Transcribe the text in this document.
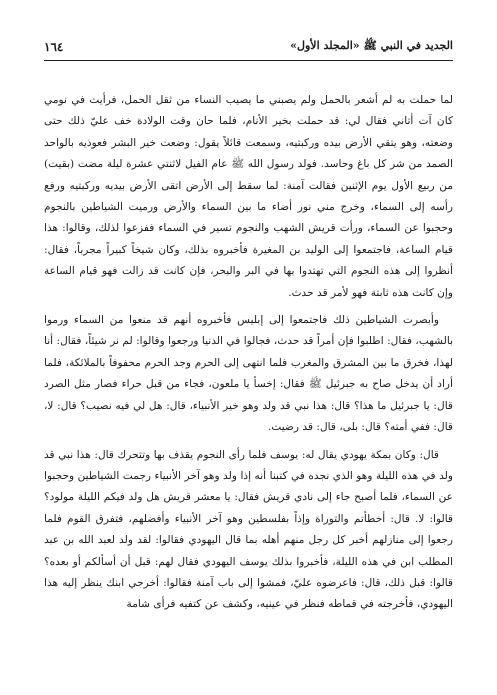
الجديد في النبي ﷺ «المجلد الأول»
١٦٤

لما حملت به لم أشعر بالحمل ولم يصبني ما يصيب النساء من ثقل الحمل، فرأيت في نومي كان آت أتاني فقال لي: قد حملت بخير الأنام، فلما حان وقت الولادة خف عليّ ذلك حتى وضعته، وهو يتقي الأرض بيده وركبتيه، وسمعت قائلاً يقول: وضعت خير البشر فعوذيه بالواحد الصمد من شر كل باغ وحاسد. فولد رسول الله ﷺ عام الفيل لاثنتي عشرة ليلة مضت (بقيت) من ربيع الأول يوم الإثنين فقالت آمنة: لما سقط إلى الأرض اتقى الأرض بيديه وركبتيه ورفع رأسه إلى السماء، وخرج مني نور أضاء ما بين السماء والأرض ورميت الشياطين بالنجوم وحجبوا عن السماء، ورأت قريش الشهب والنجوم تسير في السماء ففزعوا لذلك، وقالوا: هذا قيام الساعة، فاجتمعوا إلى الوليد بن المغيرة فأخبروه بذلك، وكان شيخاً كبيراً مجرباً، فقال: أنظروا إلى هذه النجوم التي تهتدوا بها في البر والبحر، فإن كانت قد زالت فهو قيام الساعة وإن كانت هذه ثابتة فهو لأمر قد حدث.

وأبصرت الشياطين ذلك فاجتمعوا إلى إبليس فأخبروه أنهم قد منعوا من السماء ورموا بالشهب، فقال: اطلبوا فإن أمراً قد حدث، فجالوا في الدنيا ورجعوا وقالوا: لم نر شيئاً، فقال: أنا لهذا، فخرق ما بين المشرق والمغرب فلما انتهى إلى الحرم وجد الحرم محفوفاً بالملائكة، فلما أراد أن يدخل صاح به جبرئيل ﷺ فقال: إخسأ يا ملعون، فجاء من قبل حراء فصار مثل الصرد قال: يا جبرئيل ما هذا؟ قال: هذا نبي قد ولد وهو خير الأنبياء، قال: هل لي فيه نصيب؟ قال: لا، قال: ففي أمته؟ قال: بلى، قال: قد رضيت.

قال: وكان بمكة يهودي يقال له: يوسف فلما رأى النجوم يقذف بها وتتحرك قال: هذا نبي قد ولد في هذه الليلة وهو الذي نجده في كتبنا أنه إذا ولد وهو آخر الأنبياء رجمت الشياطين وحجبوا عن السماء، فلما أصبح جاء إلى نادي قريش فقال: يا معشر قريش هل ولد فيكم الليلة مولود؟ قالوا: لا. قال: أخطأتم والتوراة وإذاً بفلسطين وهو آخر الأنبياء وأفضلهم، فتفرق القوم فلما رجعوا إلى منازلهم أخبر كل رجل منهم أهله بما قال اليهودي فقالوا: لقد ولد لعبد الله بن عبد المطلب ابن في هذه الليلة، فأخبروا بذلك يوسف اليهودي فقال لهم: قبل أن أسألكم أو بعده؟ قالوا: قبل ذلك، قال: فاعرضوه عليّ، فمشوا إلى باب آمنة فقالوا: أخرجي ابنك ينظر إليه هذا اليهودي، فأخرجته في قماطه فنظر في عينيه، وكشف عن كتفيه فرأى شامة
